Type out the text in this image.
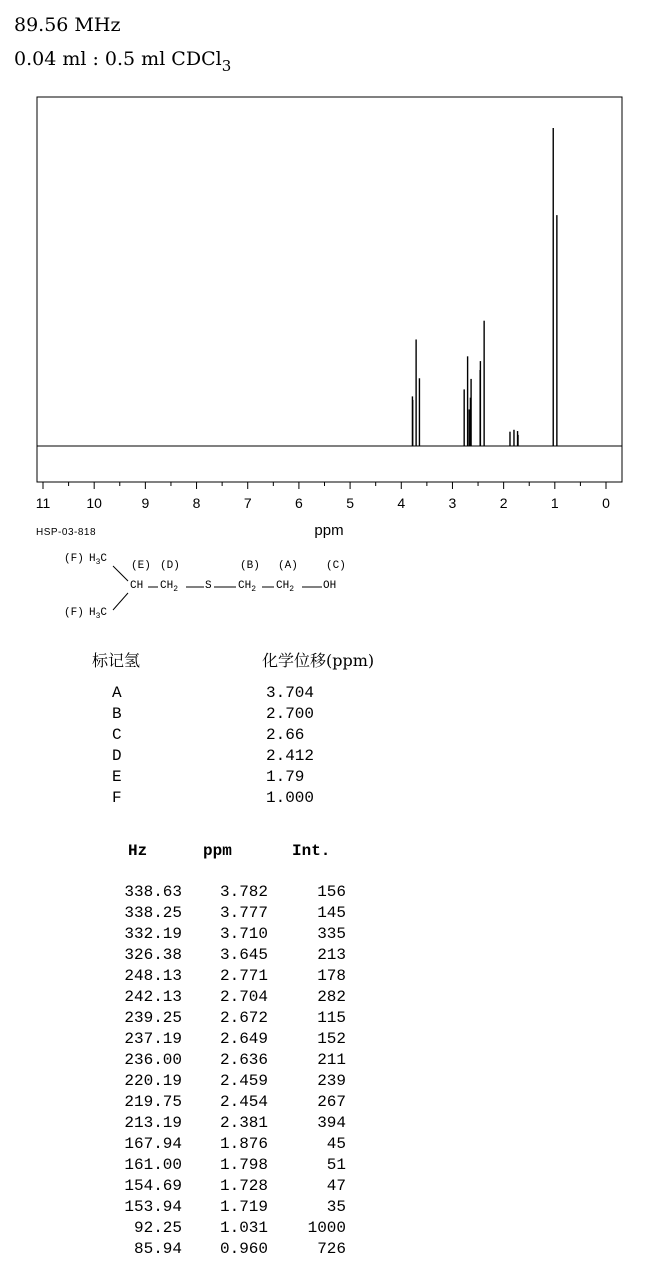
89.56 MHz
0.04 ml : 0.5 ml CDCl$_3$
11	10	9	8	7	6	5	4	3	2	1	0
ppm
HSP-03-818
(F) $H_3C$
(F) $H_3C$
(E) (D)	(B) (A)	(C)
CH $CH_2$ S $CH_2$ $CH_2$	OH
标记氢	化学位移(ppm)
A	3.704
B	2.700
C	2.66
D	2.412
E	1.79
F	1.000
Hz	ppm	Int.
338.63 3.782	156
338.25 3.777	145
332.19 3.710	335
326.38 3.645	213
248.13 2.771	178
242.13 2.704	282
239.25 2.672	115
237.19 2.649	152
236.00 2.636	211
220.19 2.459	239
219.75 2.454	267
213.19 2.381	394
167.94 1.876	45
161.00 1.798	51
154.69 1.728	47
153.94 1.719	35
92.25 1.031 1000
85.94 0.960	726
